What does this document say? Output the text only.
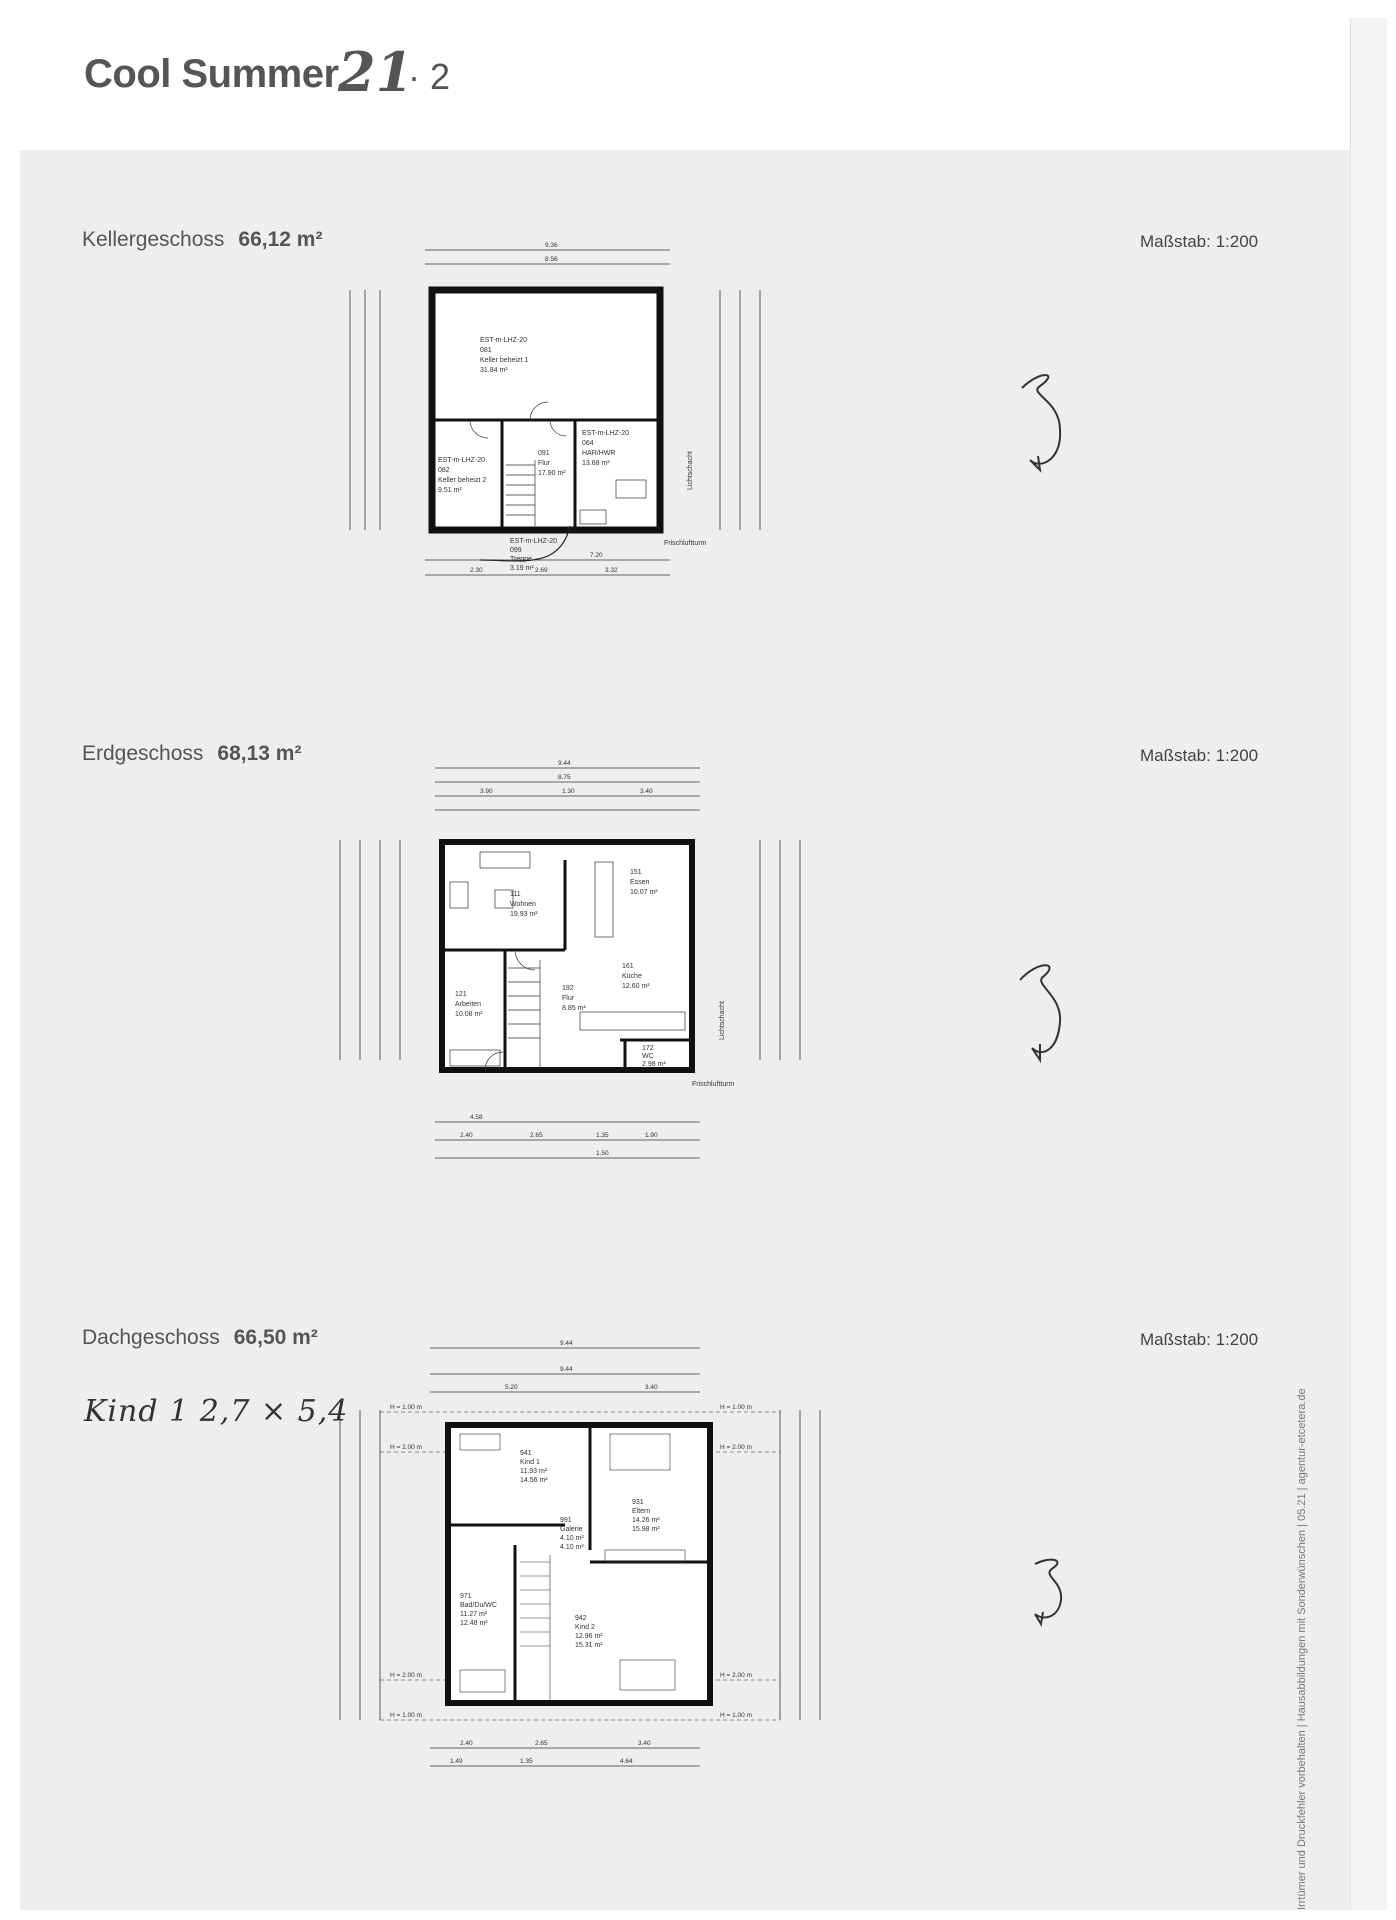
Cool Summer 21
· 2
Kellergeschoss 66,12 m²	Maßstab: 1:200
9.36
8.56
7.20
2.30	2.69	3.32
EST-m-LHZ-20
081
Keller beheizt 1
31.84 m²
EST-m-LHZ-20
082
Keller beheizt 2
9.51 m²
091
Flur
17.90 m²
EST-m-LHZ-20
064
HAR/HWR
13.68 m²
EST-m-LHZ-20
099
Treppe
3.19 m²
Lichtschacht
Frischluftturm
Erdgeschoss 68,13 m²	Maßstab: 1:200
9.44
8.75
3.90	1.30	3.40
4.58
2.40	2.65	1.35	1.90
1.50
111
Wohnen
19.93 m²
151
Essen
10.07 m²
161
Küche
12.60 m²
121
Arbeiten
10.08 m²
192
Flur
8.85 m²
172
WC
2.98 m²
Lichtschacht
Frischluftturm
Dachgeschoss 66,50 m²	Maßstab: 1:200
9.44
9.44
5.20	3.40
2.40	2.65	3.40
1.49	1.35	4.64
H = 1.00 m
H = 2.00 m
H = 1.00 m
H = 2.00 m
H = 2.00 m
H = 1.00 m
H = 2.00 m
H = 1.00 m
941
Kind 1
11.93 m²
14.56 m²
931
Eltern
14.26 m²
15.98 m²
991
Galerie
4.10 m²
4.10 m²
971
Bad/Du/WC
11.27 m²
12.48 m²
942
Kind 2
12.96 m²
15.31 m²
Kind 1 2,7 × 5,4	Irrtümer und Druckfehler vorbehalten | Hausabbildungen mit Sonderwünschen | 05.21 | agentur-etcetera.de
